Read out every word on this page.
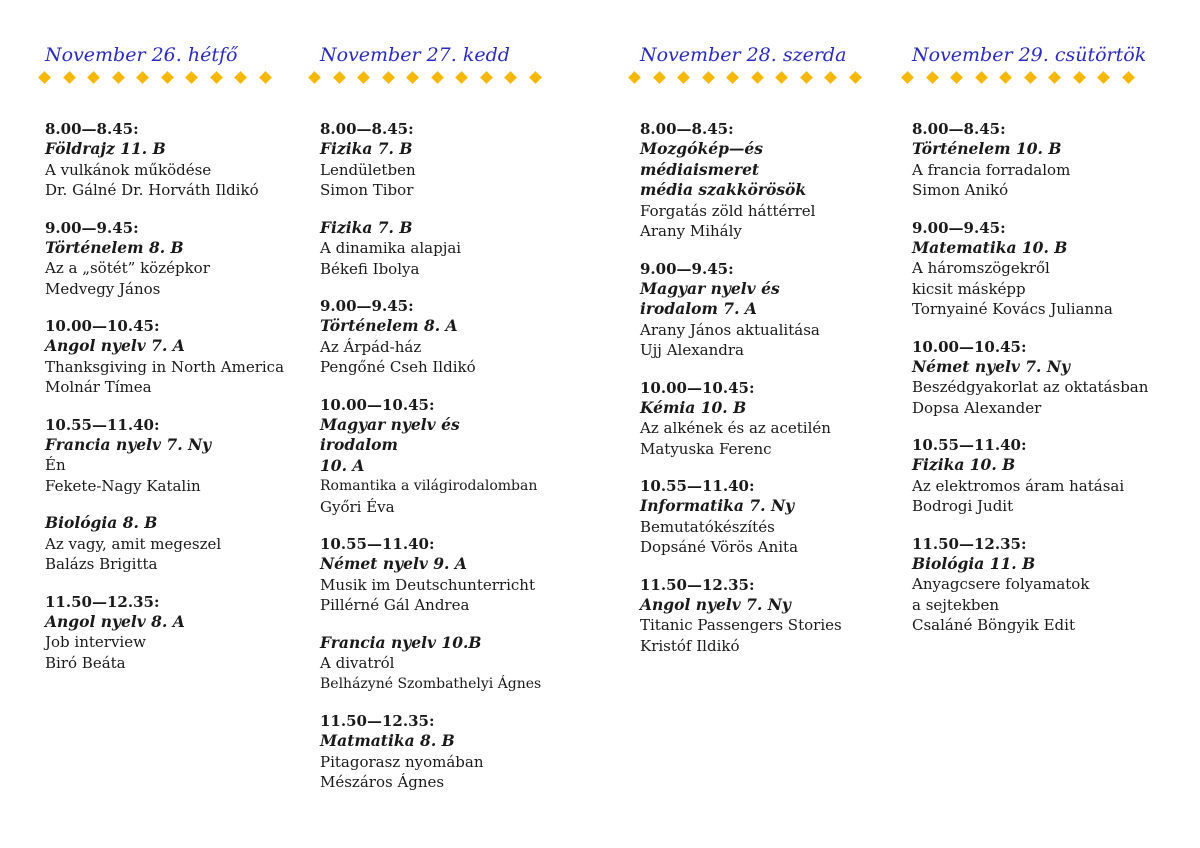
November 26. hétfő
8.00—8.45:
Földrajz 11. B
A vulkánok működése
Dr. Gálné Dr. Horváth Ildikó
9.00—9.45:
Történelem 8. B
Az a „sötét” középkor
Medvegy János
10.00—10.45:
Angol nyelv 7. A
Thanksgiving in North America
Molnár Tímea
10.55—11.40:
Francia nyelv 7. Ny
Én
Fekete-Nagy Katalin
Biológia 8. B
Az vagy, amit megeszel
Balázs Brigitta
11.50—12.35:
Angol nyelv 8. A
Job interview
Biró Beáta
November 27. kedd
8.00—8.45:
Fizika 7. B
Lendületben
Simon Tibor
Fizika 7. B
A dinamika alapjai
Békefi Ibolya
9.00—9.45:
Történelem 8. A
Az Árpád-ház
Pengőné Cseh Ildikó
10.00—10.45:
Magyar nyelv és irodalom
10. A
Romantika a világirodalomban
Győri Éva
10.55—11.40:
Német nyelv 9. A
Musik im Deutschunterricht
Pillérné Gál Andrea
Francia nyelv 10.B
A divatról
Belházyné Szombathelyi Ágnes
11.50—12.35:
Matmatika 8. B
Pitagorasz nyomában
Mészáros Ágnes
November 28. szerda
8.00—8.45:
Mozgókép—és médiaismeret
média szakkörösök
Forgatás zöld háttérrel
Arany Mihály
9.00—9.45:
Magyar nyelv és irodalom 7. A
Arany János aktualitása
Ujj Alexandra
10.00—10.45:
Kémia 10. B
Az alkének és az acetilén
Matyuska Ferenc
10.55—11.40:
Informatika 7. Ny
Bemutatókészítés
Dopsáné Vörös Anita
11.50—12.35:
Angol nyelv 7. Ny
Titanic Passengers Stories
Kristóf Ildikó
November 29. csütörtök
8.00—8.45:
Történelem 10. B
A francia forradalom
Simon Anikó
9.00—9.45:
Matematika 10. B
A háromszögekről
kicsit másképp
Tornyainé Kovács Julianna
10.00—10.45:
Német nyelv 7. Ny
Beszédgyakorlat az oktatásban
Dopsa Alexander
10.55—11.40:
Fizika 10. B
Az elektromos áram hatásai
Bodrogi Judit
11.50—12.35:
Biológia 11. B
Anyagcsere folyamatok
a sejtekben
Csaláné Böngyik Edit
